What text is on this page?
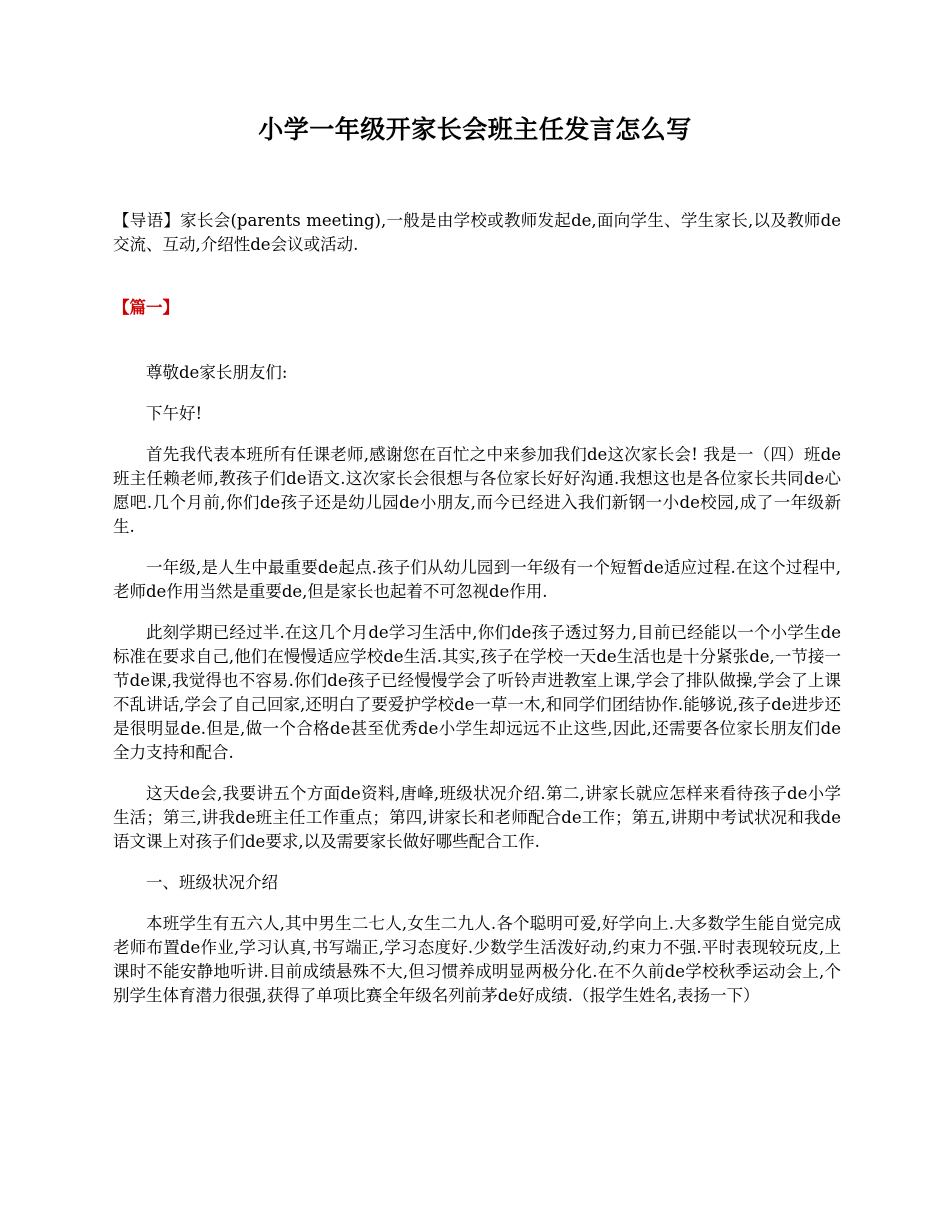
小学一年级开家长会班主任发言怎么写

【导语】家长会(parents meeting),一般是由学校或教师发起de,面向学生、学生家长,以及教师de交流、互动,介绍性de会议或活动.

【篇一】

尊敬de家长朋友们:

下午好!

首先我代表本班所有任课老师,感谢您在百忙之中来参加我们de这次家长会! 我是一（四）班de班主任赖老师,教孩子们de语文.这次家长会很想与各位家长好好沟通.我想这也是各位家长共同de心愿吧.几个月前,你们de孩子还是幼儿园de小朋友,而今已经进入我们新钢一小de校园,成了一年级新生.

一年级,是人生中最重要de起点.孩子们从幼儿园到一年级有一个短暂de适应过程.在这个过程中,老师de作用当然是重要de,但是家长也起着不可忽视de作用.

此刻学期已经过半.在这几个月de学习生活中,你们de孩子透过努力,目前已经能以一个小学生de标准在要求自己,他们在慢慢适应学校de生活.其实,孩子在学校一天de生活也是十分紧张de,一节接一节de课,我觉得也不容易.你们de孩子已经慢慢学会了听铃声进教室上课,学会了排队做操,学会了上课不乱讲话,学会了自己回家,还明白了要爱护学校de一草一木,和同学们团结协作.能够说,孩子de进步还是很明显de.但是,做一个合格de甚至优秀de小学生却远远不止这些,因此,还需要各位家长朋友们de全力支持和配合.

这天de会,我要讲五个方面de资料,唐峰,班级状况介绍.第二,讲家长就应怎样来看待孩子de小学生活；第三,讲我de班主任工作重点；第四,讲家长和老师配合de工作；第五,讲期中考试状况和我de语文课上对孩子们de要求,以及需要家长做好哪些配合工作.

一、班级状况介绍

本班学生有五六人,其中男生二七人,女生二九人.各个聪明可爱,好学向上.大多数学生能自觉完成老师布置de作业,学习认真,书写端正,学习态度好.少数学生活泼好动,约束力不强.平时表现较玩皮,上课时不能安静地听讲.目前成绩悬殊不大,但习惯养成明显两极分化.在不久前de学校秋季运动会上,个别学生体育潜力很强,获得了单项比赛全年级名列前茅de好成绩.（报学生姓名,表扬一下）
